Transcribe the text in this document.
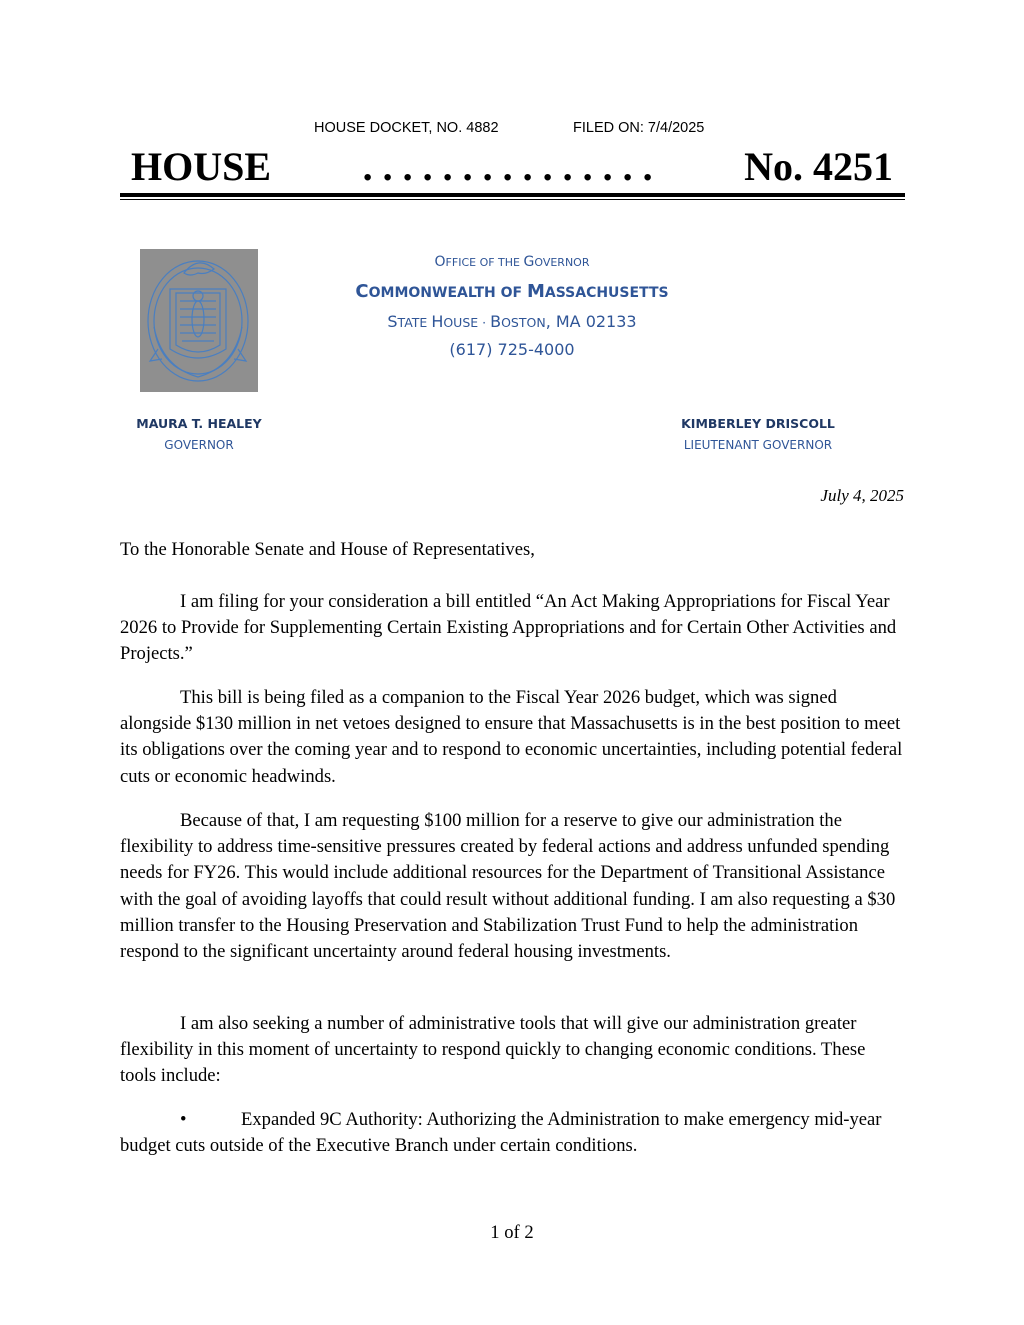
HOUSE DOCKET, NO. 4882	FILED ON: 7/4/2025
HOUSE	. . . . . . . . . . . . . . .	No. 4251
OFFICE OF THE GOVERNOR
COMMONWEALTH OF MASSACHUSETTS
STATE HOUSE · BOSTON, MA 02133
(617) 725-4000
MAURA T. HEALEY
GOVERNOR
KIMBERLEY DRISCOLL
LIEUTENANT GOVERNOR
July 4, 2025
To the Honorable Senate and House of Representatives,

I am filing for your consideration a bill entitled “An Act Making Appropriations for Fiscal Year 2026 to Provide for Supplementing Certain Existing Appropriations and for Certain Other Activities and Projects.”

This bill is being filed as a companion to the Fiscal Year 2026 budget, which was signed alongside $130 million in net vetoes designed to ensure that Massachusetts is in the best position to meet its obligations over the coming year and to respond to economic uncertainties, including potential federal cuts or economic headwinds.

Because of that, I am requesting $100 million for a reserve to give our administration the flexibility to address time-sensitive pressures created by federal actions and address unfunded spending needs for FY26. This would include additional resources for the Department of Transitional Assistance with the goal of avoiding layoffs that could result without additional funding. I am also requesting a $30 million transfer to the Housing Preservation and Stabilization Trust Fund to help the administration respond to the significant uncertainty around federal housing investments.

I am also seeking a number of administrative tools that will give our administration greater flexibility in this moment of uncertainty to respond quickly to changing economic conditions. These tools include:

•	Expanded 9C Authority: Authorizing the Administration to make emergency mid-year budget cuts outside of the Executive Branch under certain conditions.

1 of 2
